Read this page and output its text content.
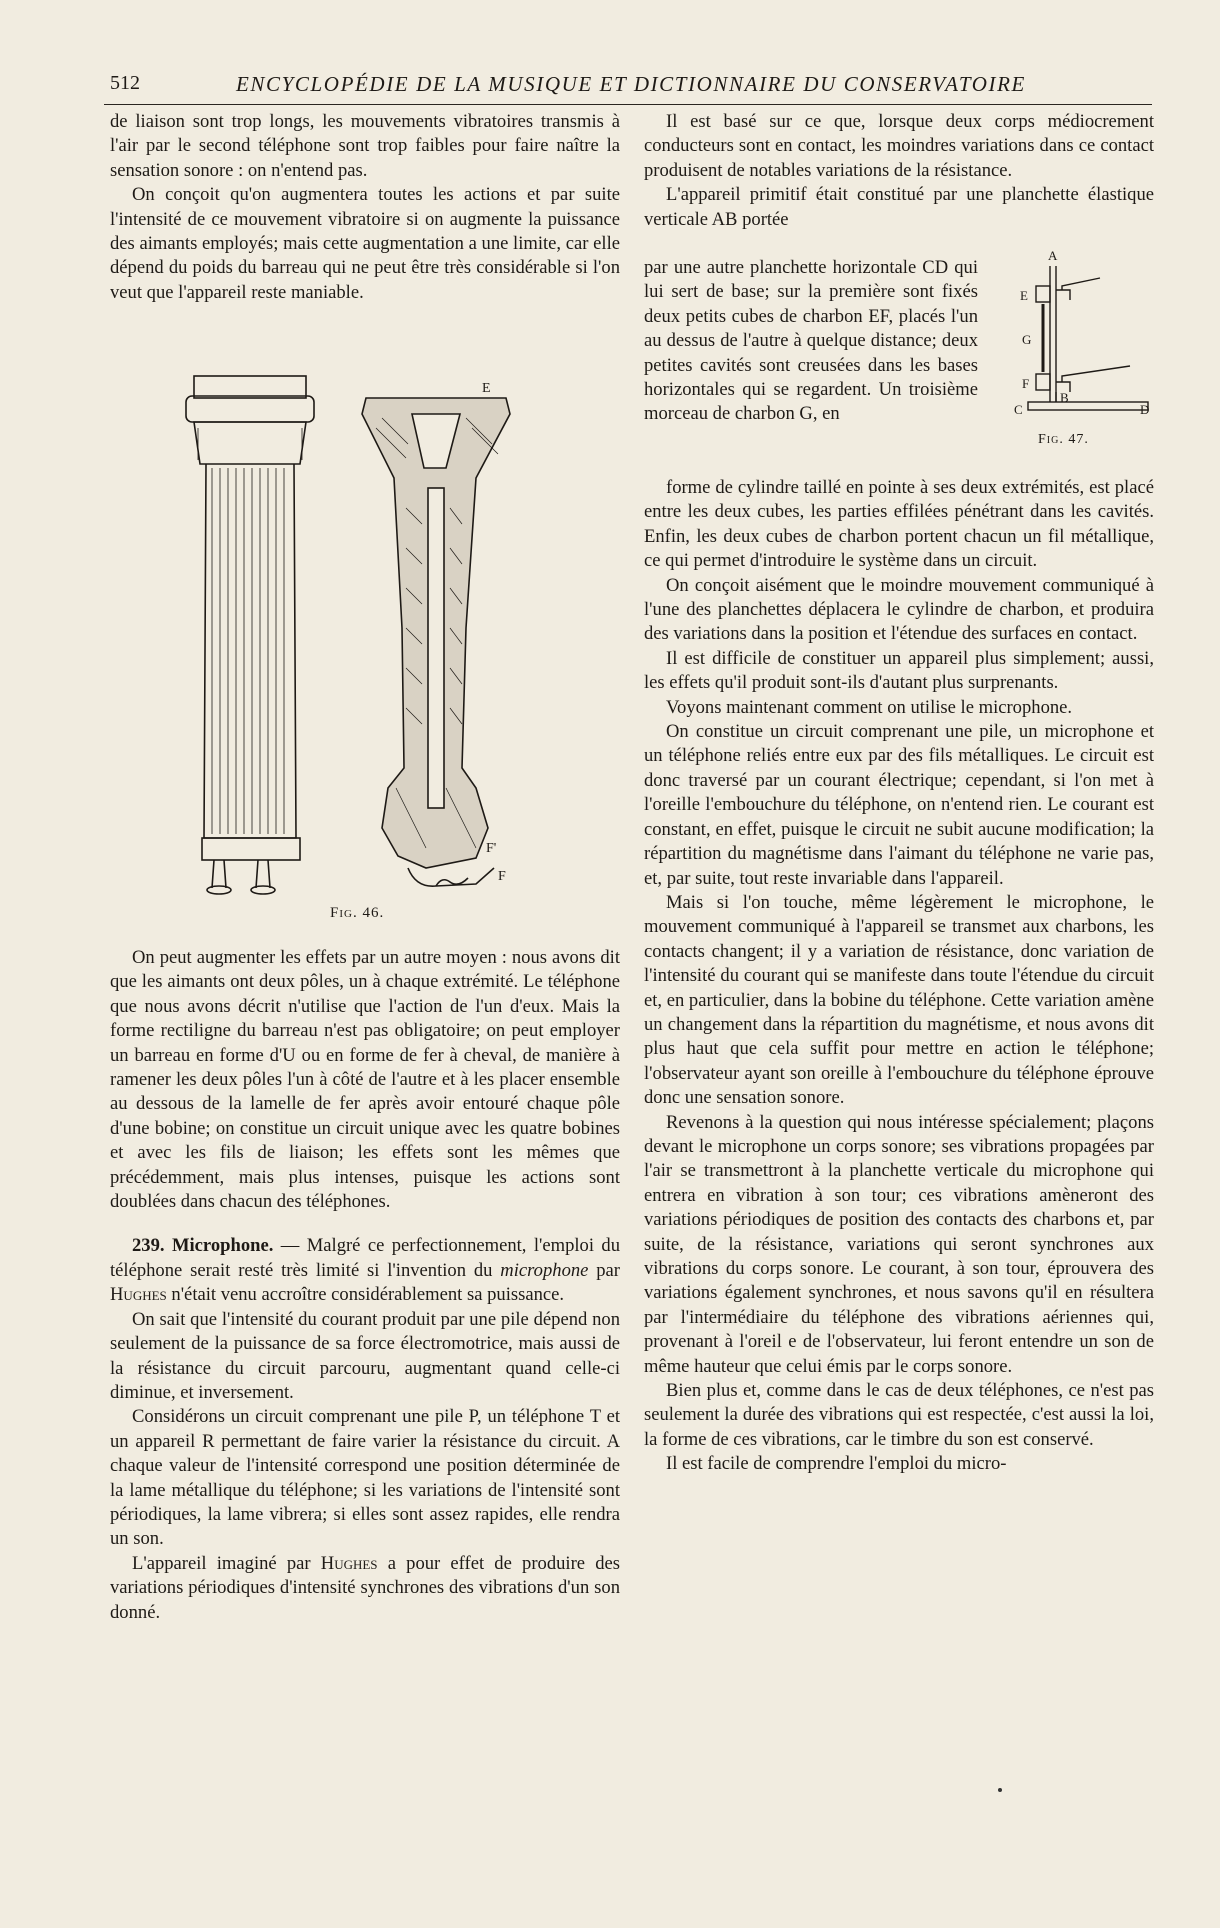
512	ENCYCLOPÉDIE DE LA MUSIQUE ET DICTIONNAIRE DU CONSERVATOIRE

de liaison sont trop longs, les mouvements vibratoires transmis à l'air par le second téléphone sont trop faibles pour faire naître la sensation sonore : on n'entend pas.

On conçoit qu'on augmentera toutes les actions et par suite l'intensité de ce mouvement vibratoire si on augmente la puissance des aimants employés; mais cette augmentation a une limite, car elle dépend du poids du barreau qui ne peut être très considérable si l'on veut que l'appareil reste maniable.

E
F'
F
Fig. 46.

On peut augmenter les effets par un autre moyen : nous avons dit que les aimants ont deux pôles, un à chaque extrémité. Le téléphone que nous avons décrit n'utilise que l'action de l'un d'eux. Mais la forme rectiligne du barreau n'est pas obligatoire; on peut employer un barreau en forme d'U ou en forme de fer à cheval, de manière à ramener les deux pôles l'un à côté de l'autre et à les placer ensemble au dessous de la lamelle de fer après avoir entouré chaque pôle d'une bobine; on constitue un circuit unique avec les quatre bobines et avec les fils de liaison; les effets sont les mêmes que précédemment, mais plus intenses, puisque les actions sont doublées dans chacun des téléphones.

239. Microphone. — Malgré ce perfectionnement, l'emploi du téléphone serait resté très limité si l'invention du microphone par Hughes n'était venu accroître considérablement sa puissance.

On sait que l'intensité du courant produit par une pile dépend non seulement de la puissance de sa force électromotrice, mais aussi de la résistance du circuit parcouru, augmentant quand celle-ci diminue, et inversement.

Considérons un circuit comprenant une pile P, un téléphone T et un appareil R permettant de faire varier la résistance du circuit. A chaque valeur de l'intensité correspond une position déterminée de la lame métallique du téléphone; si les variations de l'intensité sont périodiques, la lame vibrera; si elles sont assez rapides, elle rendra un son.

L'appareil imaginé par Hughes a pour effet de produire des variations périodiques d'intensité synchrones des vibrations d'un son donné.

Il est basé sur ce que, lorsque deux corps médiocrement conducteurs sont en contact, les moindres variations dans ce contact produisent de notables variations de la résistance.

L'appareil primitif était constitué par une planchette élastique verticale AB portée

par une autre planchette horizontale CD qui lui sert de base; sur la première sont fixés deux petits cubes de charbon EF, placés l'un au dessus de l'autre à quelque distance; deux petites cavités sont creusées dans les bases horizontales qui se regardent. Un troisième morceau de charbon G, en
A
E
G
F
C
B
D
Fig. 47.

forme de cylindre taillé en pointe à ses deux extrémités, est placé entre les deux cubes, les parties effilées pénétrant dans les cavités. Enfin, les deux cubes de charbon portent chacun un fil métallique, ce qui permet d'introduire le système dans un circuit.

On conçoit aisément que le moindre mouvement communiqué à l'une des planchettes déplacera le cylindre de charbon, et produira des variations dans la position et l'étendue des surfaces en contact.

Il est difficile de constituer un appareil plus simplement; aussi, les effets qu'il produit sont-ils d'autant plus surprenants.

Voyons maintenant comment on utilise le microphone.

On constitue un circuit comprenant une pile, un microphone et un téléphone reliés entre eux par des fils métalliques. Le circuit est donc traversé par un courant électrique; cependant, si l'on met à l'oreille l'embouchure du téléphone, on n'entend rien. Le courant est constant, en effet, puisque le circuit ne subit aucune modification; la répartition du magnétisme dans l'aimant du téléphone ne varie pas, et, par suite, tout reste invariable dans l'appareil.

Mais si l'on touche, même légèrement le microphone, le mouvement communiqué à l'appareil se transmet aux charbons, les contacts changent; il y a variation de résistance, donc variation de l'intensité du courant qui se manifeste dans toute l'étendue du circuit et, en particulier, dans la bobine du téléphone. Cette variation amène un changement dans la répartition du magnétisme, et nous avons dit plus haut que cela suffit pour mettre en action le téléphone; l'observateur ayant son oreille à l'embouchure du téléphone éprouve donc une sensation sonore.

Revenons à la question qui nous intéresse spécialement; plaçons devant le microphone un corps sonore; ses vibrations propagées par l'air se transmettront à la planchette verticale du microphone qui entrera en vibration à son tour; ces vibrations amèneront des variations périodiques de position des contacts des charbons et, par suite, de la résistance, variations qui seront synchrones aux vibrations du corps sonore. Le courant, à son tour, éprouvera des variations également synchrones, et nous savons qu'il en résultera par l'intermédiaire du téléphone des vibrations aériennes qui, provenant à l'oreil e de l'observateur, lui feront entendre un son de même hauteur que celui émis par le corps sonore.

Bien plus et, comme dans le cas de deux téléphones, ce n'est pas seulement la durée des vibrations qui est respectée, c'est aussi la loi, la forme de ces vibrations, car le timbre du son est conservé.

Il est facile de comprendre l'emploi du micro-
